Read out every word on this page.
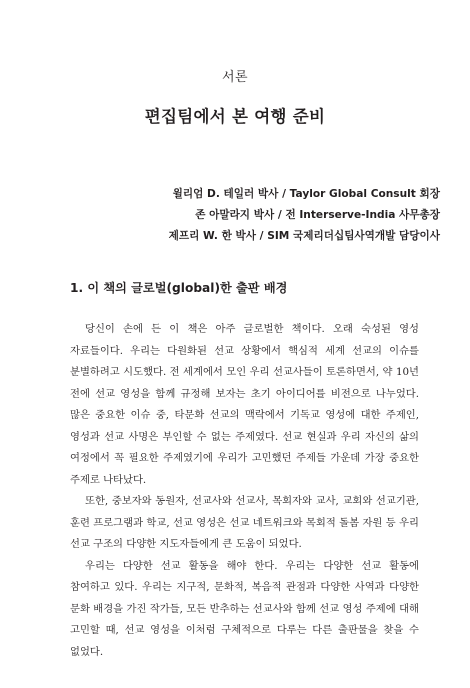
서론
편집팀에서 본 여행 준비
윌리엄 D. 테일러 박사 / Taylor Global Consult 회장
존 아말라지 박사 / 전 Interserve-India 사무총장
제프리 W. 한 박사 / SIM 국제리더십팀사역개발 담당이사
1. 이 책의 글로벌(global)한 출판 배경

당신이 손에 든 이 책은 아주 글로벌한 책이다. 오래 숙성된 영성 자료들이다. 우리는 다원화된 선교 상황에서 핵심적 세계 선교의 이슈를 분별하려고 시도했다. 전 세계에서 모인 우리 선교사들이 토론하면서, 약 10년 전에 선교 영성을 함께 규정해 보자는 초기 아이디어를 비전으로 나누었다. 많은 중요한 이슈 중, 타문화 선교의 맥락에서 기독교 영성에 대한 주제인, 영성과 선교 사명은 부인할 수 없는 주제였다. 선교 현실과 우리 자신의 삶의 여정에서 꼭 필요한 주제였기에 우리가 고민했던 주제들 가운데 가장 중요한 주제로 나타났다.

또한, 중보자와 동원자, 선교사와 선교사, 목회자와 교사, 교회와 선교기관, 훈련 프로그램과 학교, 선교 영성은 선교 네트워크와 목회적 돌봄 자원 등 우리 선교 구조의 다양한 지도자들에게 큰 도움이 되었다.

우리는 다양한 선교 활동을 해야 한다. 우리는 다양한 선교 활동에 참여하고 있다. 우리는 지구적, 문화적, 복음적 관점과 다양한 사역과 다양한 문화 배경을 가진 작가들, 모든 반추하는 선교사와 함께 선교 영성 주제에 대해 고민할 때, 선교 영성을 이처럼 구체적으로 다루는 다른 출판물을 찾을 수 없었다.
